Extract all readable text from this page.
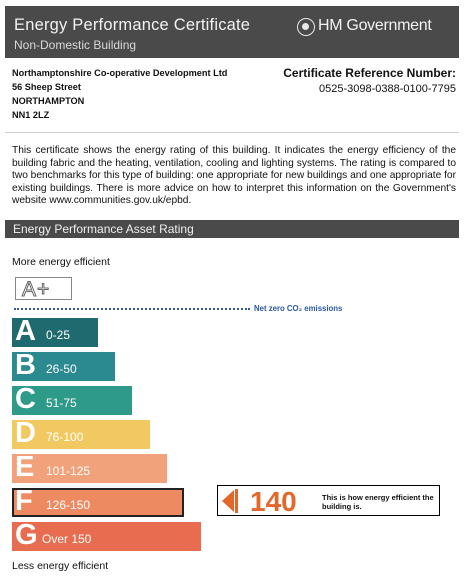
Energy Performance Certificate
Non-Domestic Building
HM Government
Northamptonshire Co-operative Development Ltd
56 Sheep Street
NORTHAMPTON
NN1 2LZ
Certificate Reference Number:
0525-3098-0388-0100-7795
This certificate shows the energy rating of this building. It indicates the energy efficiency of the building fabric and the heating, ventilation, cooling and lighting systems. The rating is compared to two benchmarks for this type of building: one appropriate for new buildings and one appropriate for existing buildings. There is more advice on how to interpret this information on the Government's website www.communities.gov.uk/epbd.
Energy Performance Asset Rating
More energy efficient
A+
Net zero CO₂ emissions
A 0-25
B 26-50
C 51-75
D 76-100
E 101-125
F 126-150
G Over 150
140	This is how energy efficient the building is.
Less energy efficient
